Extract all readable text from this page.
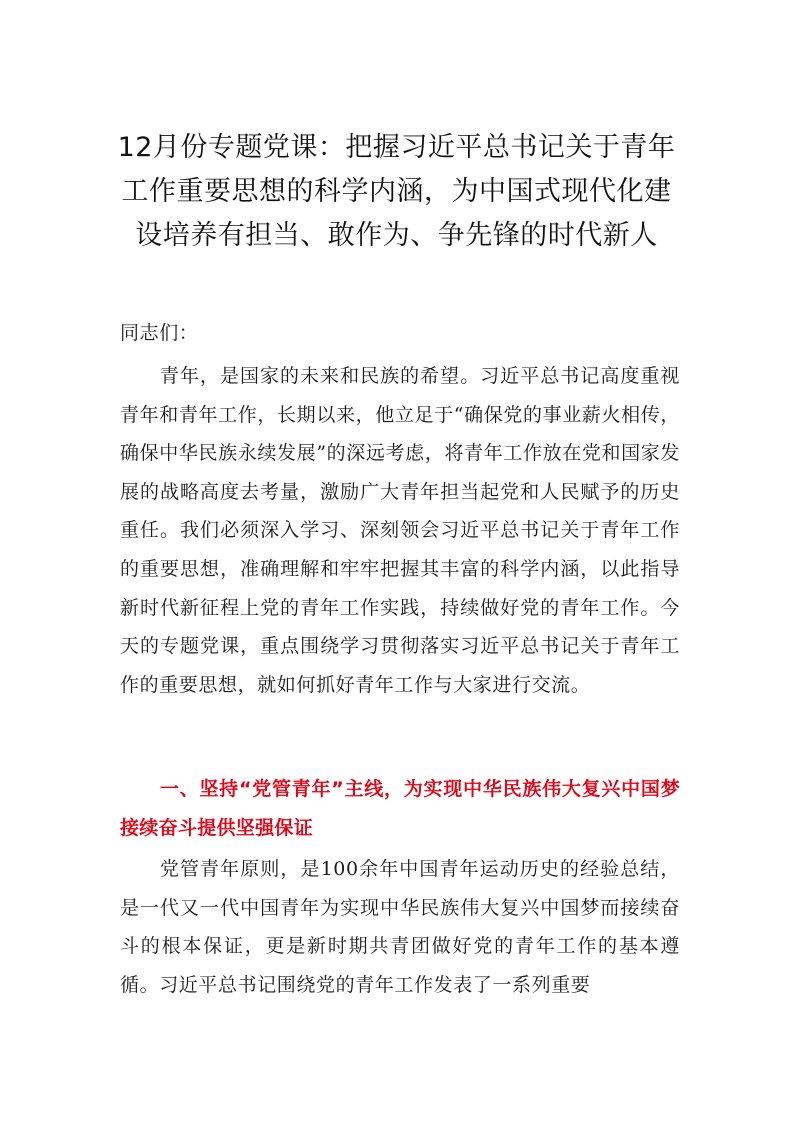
12月份专题党课：把握习近平总书记关于青年工作重要思想的科学内涵，为中国式现代化建设培养有担当、敢作为、争先锋的时代新人

同志们：

青年，是国家的未来和民族的希望。习近平总书记高度重视青年和青年工作，长期以来，他立足于“确保党的事业薪火相传，确保中华民族永续发展”的深远考虑，将青年工作放在党和国家发展的战略高度去考量，激励广大青年担当起党和人民赋予的历史重任。我们必须深入学习、深刻领会习近平总书记关于青年工作的重要思想，准确理解和牢牢把握其丰富的科学内涵，以此指导新时代新征程上党的青年工作实践，持续做好党的青年工作。今天的专题党课，重点围绕学习贯彻落实习近平总书记关于青年工作的重要思想，就如何抓好青年工作与大家进行交流。

一、坚持“党管青年”主线，为实现中华民族伟大复兴中国梦接续奋斗提供坚强保证

党管青年原则，是100余年中国青年运动历史的经验总结，是一代又一代中国青年为实现中华民族伟大复兴中国梦而接续奋斗的根本保证，更是新时期共青团做好党的青年工作的基本遵循。习近平总书记围绕党的青年工作发表了一系列重要
